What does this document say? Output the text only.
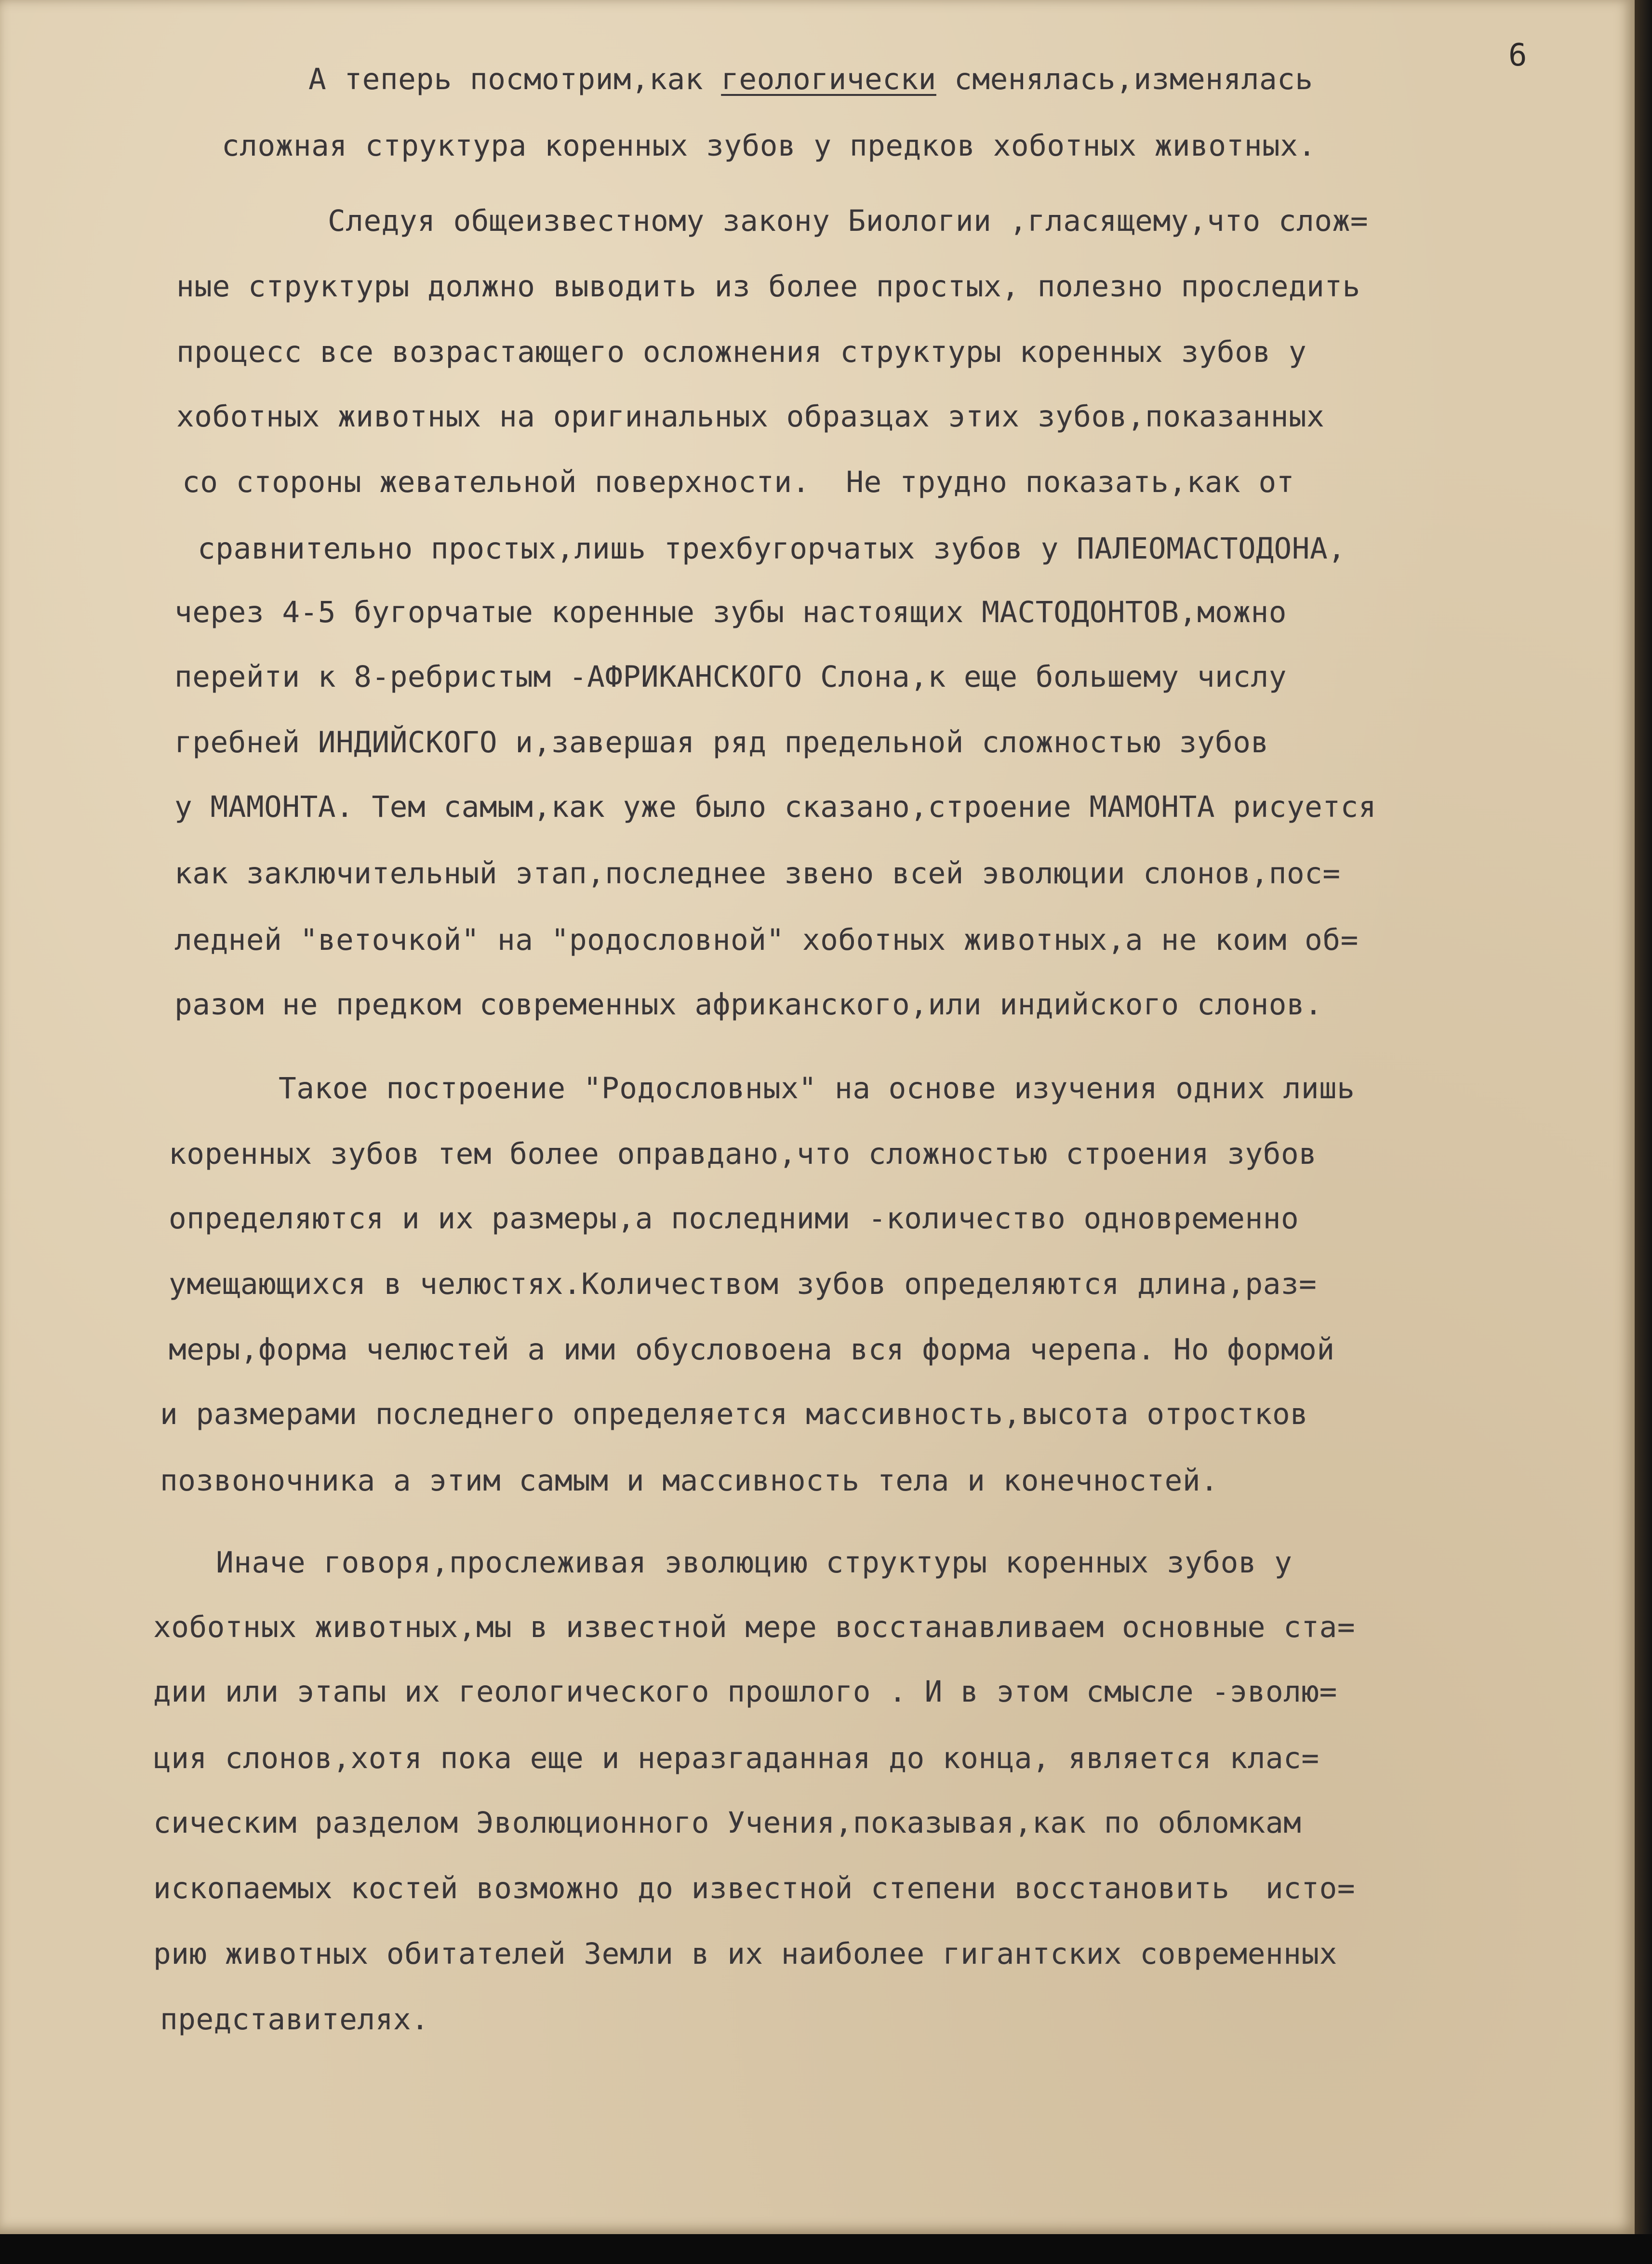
6
А теперь посмотрим,как геологически сменялась,изменялась
сложная структура коренных зубов у предков хоботных животных.
Следуя общеизвестному закону Биологии ,гласящему,что слож=
ные структуры должно выводить из более простых, полезно проследить
процесс все возрастающего осложнения структуры коренных зубов у
хоботных животных на оригинальных образцах этих зубов,показанных
со стороны жевательной поверхности.  Не трудно показать,как от
сравнительно простых,лишь трехбугорчатых зубов у ПАЛЕОМАСТОДОНА,
через 4-5 бугорчатые коренные зубы настоящих МАСТОДОНТОВ,можно
перейти к 8-ребристым -АФРИКАНСКОГО Слона,к еще большему числу
гребней ИНДИЙСКОГО и,завершая ряд предельной сложностью зубов
у МАМОНТА. Тем самым,как уже было сказано,строение МАМОНТА рисуется
как заключительный этап,последнее звено всей эволюции слонов,пос=
ледней "веточкой" на "родословной" хоботных животных,а не коим об=
разом не предком современных африканского,или индийского слонов.
Такое построение "Родословных" на основе изучения одних лишь
коренных зубов тем более оправдано,что сложностью строения зубов
определяются и их размеры,а последними -количество одновременно
умещающихся в челюстях.Количеством зубов определяются длина,раз=
меры,форма челюстей а ими обусловоена вся форма черепа. Но формой
и размерами последнего определяется массивность,высота отростков
позвоночника а этим самым и массивность тела и конечностей.
Иначе говоря,прослеживая эволюцию структуры коренных зубов у
хоботных животных,мы в известной мере восстанавливаем основные ста=
дии или этапы их геологического прошлого . И в этом смысле -эволю=
ция слонов,хотя пока еще и неразгаданная до конца, является клас=
сическим разделом Эволюционного Учения,показывая,как по обломкам
ископаемых костей возможно до известной степени восстановить  исто=
рию животных обитателей Земли в их наиболее гигантских современных
представителях.
